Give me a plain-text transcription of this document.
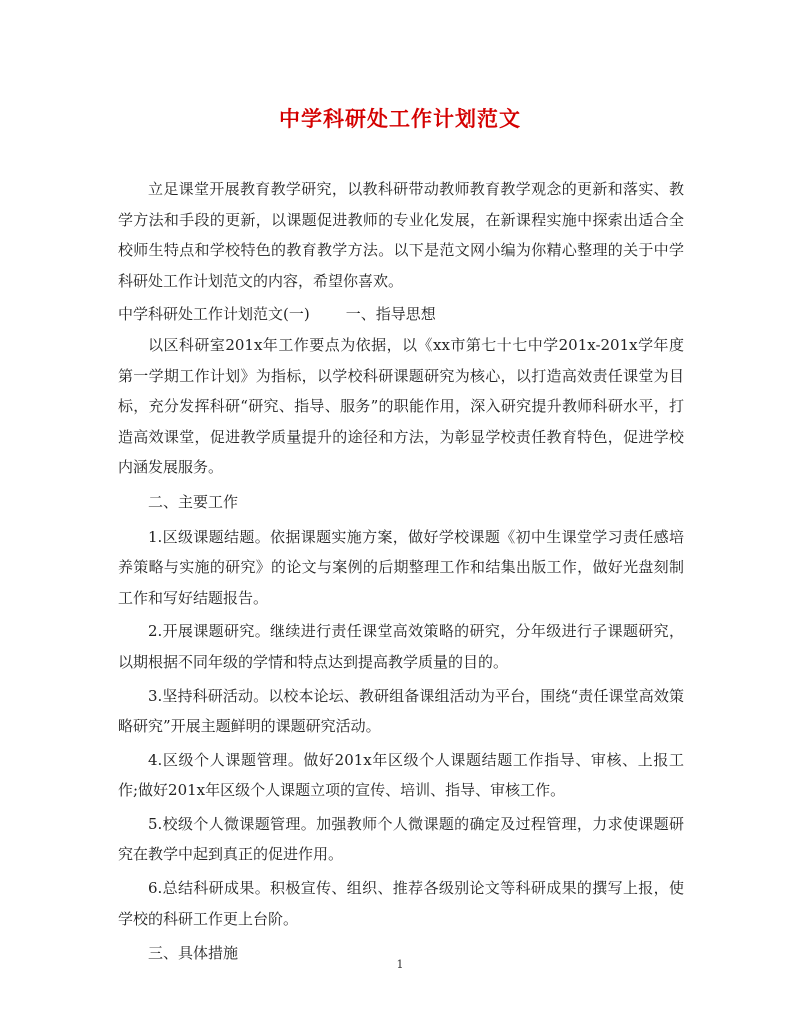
中学科研处工作计划范文

立足课堂开展教育教学研究，以教科研带动教师教育教学观念的更新和落实、教学方法和手段的更新，以课题促进教师的专业化发展，在新课程实施中探索出适合全校师生特点和学校特色的教育教学方法。以下是范文网小编为你精心整理的关于中学科研处工作计划范文的内容，希望你喜欢。

中学科研处工作计划范文(一) 一、指导思想

以区科研室201x年工作要点为依据，以《xx市第七十七中学201x-201x学年度第一学期工作计划》为指标，以学校科研课题研究为核心，以打造高效责任课堂为目标，充分发挥科研“研究、指导、服务”的职能作用，深入研究提升教师科研水平，打造高效课堂，促进教学质量提升的途径和方法，为彰显学校责任教育特色，促进学校内涵发展服务。

二、主要工作

1.区级课题结题。依据课题实施方案，做好学校课题《初中生课堂学习责任感培养策略与实施的研究》的论文与案例的后期整理工作和结集出版工作，做好光盘刻制工作和写好结题报告。

2.开展课题研究。继续进行责任课堂高效策略的研究，分年级进行子课题研究，以期根据不同年级的学情和特点达到提高教学质量的目的。

3.坚持科研活动。以校本论坛、教研组备课组活动为平台，围绕“责任课堂高效策略研究”开展主题鲜明的课题研究活动。

4.区级个人课题管理。做好201x年区级个人课题结题工作指导、审核、上报工作;做好201x年区级个人课题立项的宣传、培训、指导、审核工作。

5.校级个人微课题管理。加强教师个人微课题的确定及过程管理，力求使课题研究在教学中起到真正的促进作用。

6.总结科研成果。积极宣传、组织、推荐各级别论文等科研成果的撰写上报，使学校的科研工作更上台阶。

三、具体措施

1
